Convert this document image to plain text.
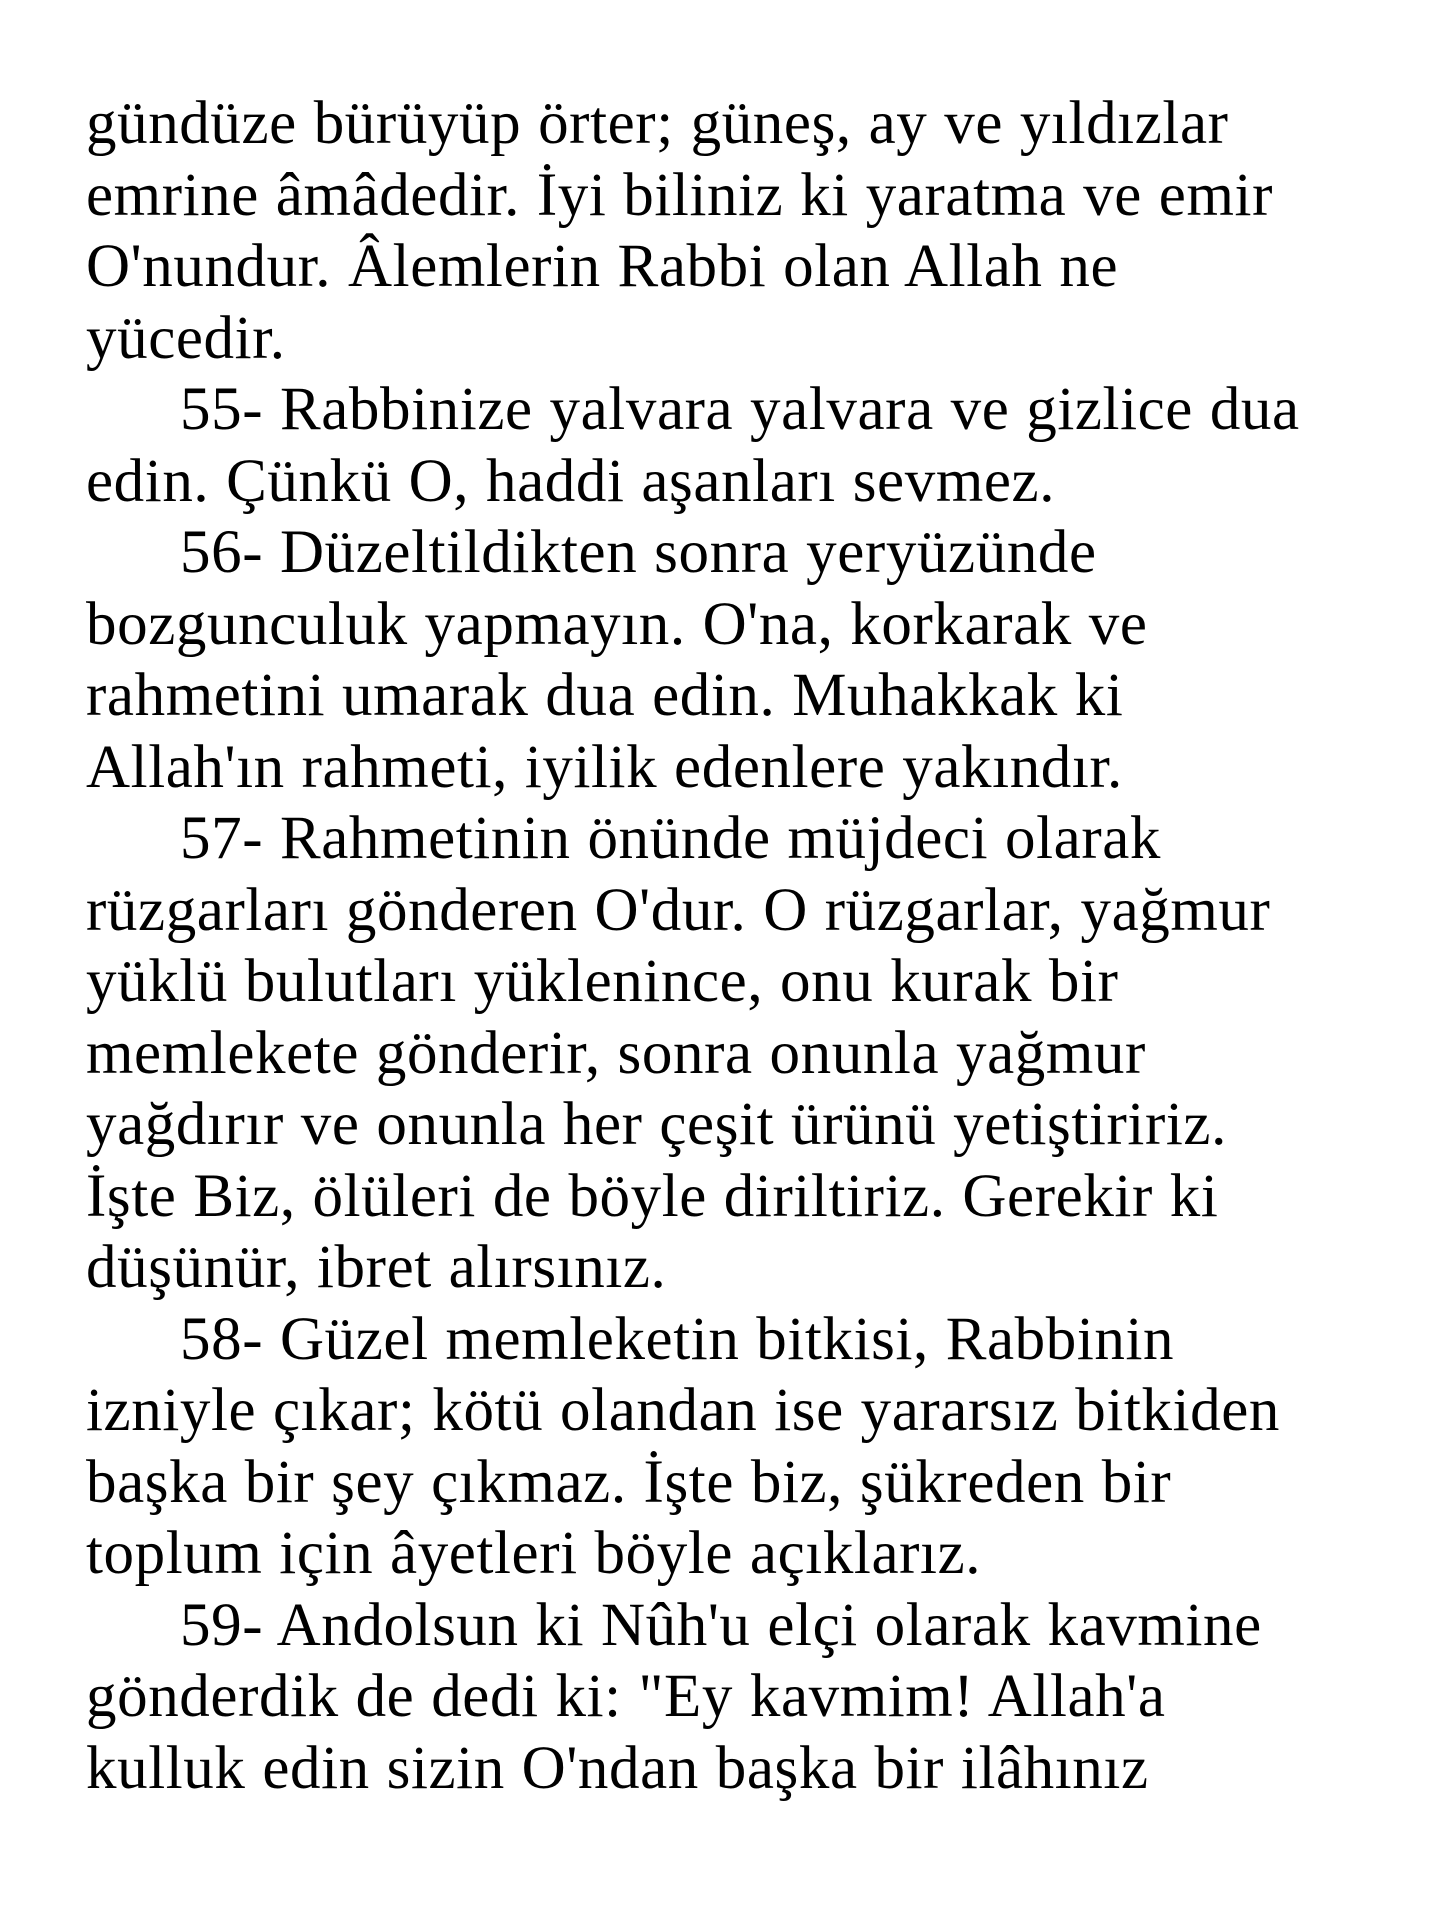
gündüze bürüyüp örter; güneş, ay ve yıldızlar
emrine âmâdedir. İyi biliniz ki yaratma ve emir
O'nundur. Âlemlerin Rabbi olan Allah ne
yücedir.
55- Rabbinize yalvara yalvara ve gizlice dua
edin. Çünkü O, haddi aşanları sevmez.
56- Düzeltildikten sonra yeryüzünde
bozgunculuk yapmayın. O'na, korkarak ve
rahmetini umarak dua edin. Muhakkak ki
Allah'ın rahmeti, iyilik edenlere yakındır.
57- Rahmetinin önünde müjdeci olarak
rüzgarları gönderen O'dur. O rüzgarlar, yağmur
yüklü bulutları yüklenince, onu kurak bir
memlekete gönderir, sonra onunla yağmur
yağdırır ve onunla her çeşit ürünü yetiştiririz.
İşte Biz, ölüleri de böyle diriltiriz. Gerekir ki
düşünür, ibret alırsınız.
58- Güzel memleketin bitkisi, Rabbinin
izniyle çıkar; kötü olandan ise yararsız bitkiden
başka bir şey çıkmaz. İşte biz, şükreden bir
toplum için âyetleri böyle açıklarız.
59- Andolsun ki Nûh'u elçi olarak kavmine
gönderdik de dedi ki: "Ey kavmim! Allah'a
kulluk edin sizin O'ndan başka bir ilâhınız
